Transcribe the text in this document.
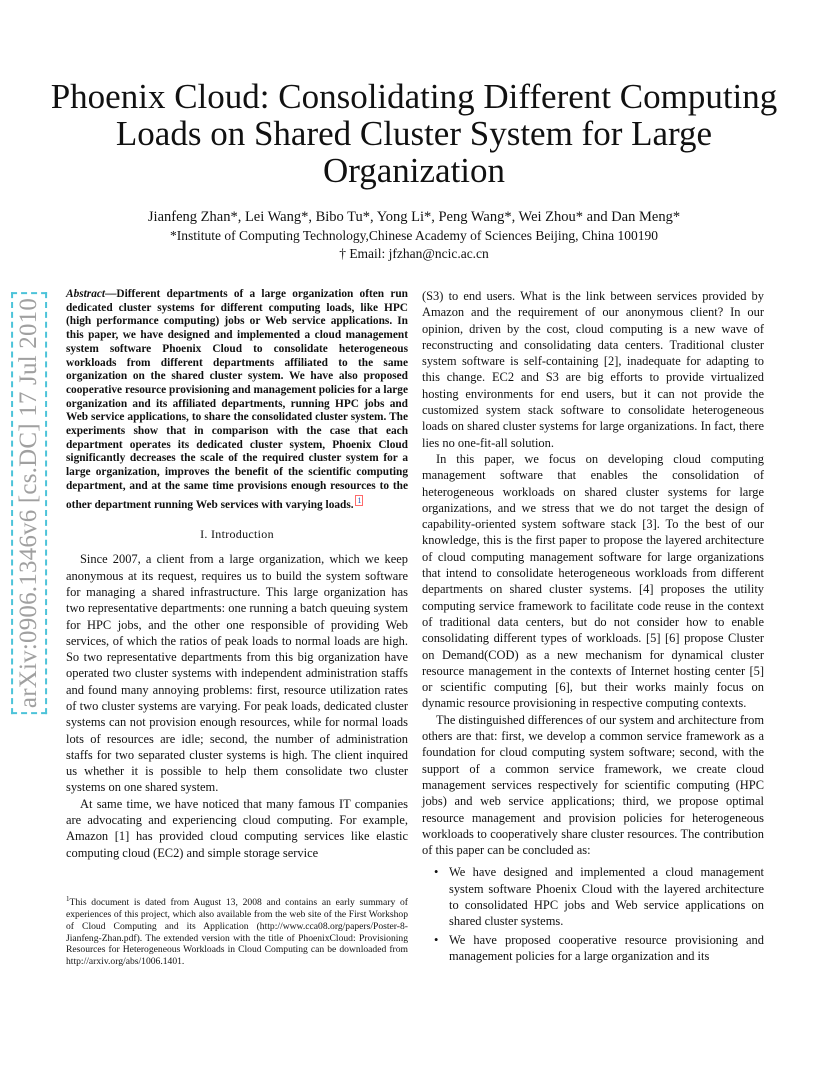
arXiv:0906.1346v6 [cs.DC] 17 Jul 2010
Phoenix Cloud: Consolidating Different Computing Loads on Shared Cluster System for Large Organization
Jianfeng Zhan*, Lei Wang*, Bibo Tu*, Yong Li*, Peng Wang*, Wei Zhou* and Dan Meng*
*Institute of Computing Technology,Chinese Academy of Sciences Beijing, China 100190
† Email: jfzhan@ncic.ac.cn

Abstract—Different departments of a large organization often run dedicated cluster systems for different computing loads, like HPC (high performance computing) jobs or Web service applications. In this paper, we have designed and implemented a cloud management system software Phoenix Cloud to consolidate heterogeneous workloads from different departments affiliated to the same organization on the shared cluster system. We have also proposed cooperative resource provisioning and management policies for a large organization and its affiliated departments, running HPC jobs and Web service applications, to share the consolidated cluster system. The experiments show that in comparison with the case that each department operates its dedicated cluster system, Phoenix Cloud significantly decreases the scale of the required cluster system for a large organization, improves the benefit of the scientific computing department, and at the same time provisions enough resources to the other department running Web services with varying loads. $^1$

I. Introduction

Since 2007, a client from a large organization, which we keep anonymous at its request, requires us to build the system software for managing a shared infrastructure. This large organization has two representative departments: one running a batch queuing system for HPC jobs, and the other one responsible of providing Web services, of which the ratios of peak loads to normal loads are high. So two representative departments from this big organization have operated two cluster systems with independent administration staffs and found many annoying problems: first, resource utilization rates of two cluster systems are varying. For peak loads, dedicated cluster systems can not provision enough resources, while for normal loads lots of resources are idle; second, the number of administration staffs for two separated cluster systems is high. The client inquired us whether it is possible to help them consolidate two cluster systems on one shared system.

At same time, we have noticed that many famous IT companies are advocating and experiencing cloud computing. For example, Amazon [1] has provided cloud computing services like elastic computing cloud (EC2) and simple storage service

$^1$This document is dated from August 13, 2008 and contains an early summary of experiences of this project, which also available from the web site of the First Workshop of Cloud Computing and its Application (http://www.cca08.org/papers/Poster-8-Jianfeng-Zhan.pdf). The extended version with the title of PhoenixCloud: Provisioning Resources for Heterogeneous Workloads in Cloud Computing can be downloaded from http://arxiv.org/abs/1006.1401.

(S3) to end users. What is the link between services provided by Amazon and the requirement of our anonymous client? In our opinion, driven by the cost, cloud computing is a new wave of reconstructing and consolidating data centers. Traditional cluster system software is self-containing [2], inadequate for adapting to this change. EC2 and S3 are big efforts to provide virtualized hosting environments for end users, but it can not provide the customized system stack software to consolidate heterogeneous loads on shared cluster systems for large organizations. In fact, there lies no one-fit-all solution.

In this paper, we focus on developing cloud computing management software that enables the consolidation of heterogeneous workloads on shared cluster systems for large organizations, and we stress that we do not target the design of capability-oriented system software stack [3]. To the best of our knowledge, this is the first paper to propose the layered architecture of cloud computing management software for large organizations that intend to consolidate heterogeneous workloads from different departments on shared cluster systems. [4] proposes the utility computing service framework to facilitate code reuse in the context of traditional data centers, but do not consider how to enable consolidating different types of workloads. [5] [6] propose Cluster on Demand(COD) as a new mechanism for dynamical cluster resource management in the contexts of Internet hosting center [5] or scientific computing [6], but their works mainly focus on dynamic resource provisioning in respective computing contexts.

The distinguished differences of our system and architecture from others are that: first, we develop a common service framework as a foundation for cloud computing system software; second, with the support of a common service framework, we create cloud management services respectively for scientific computing (HPC jobs) and web service applications; third, we propose optimal resource management and provision policies for heterogeneous workloads to cooperatively share cluster resources. The contribution of this paper can be concluded as:

• We have designed and implemented a cloud management system software Phoenix Cloud with the layered architecture to consolidated HPC jobs and Web service applications on shared cluster systems.
• We have proposed cooperative resource provisioning and management policies for a large organization and its
